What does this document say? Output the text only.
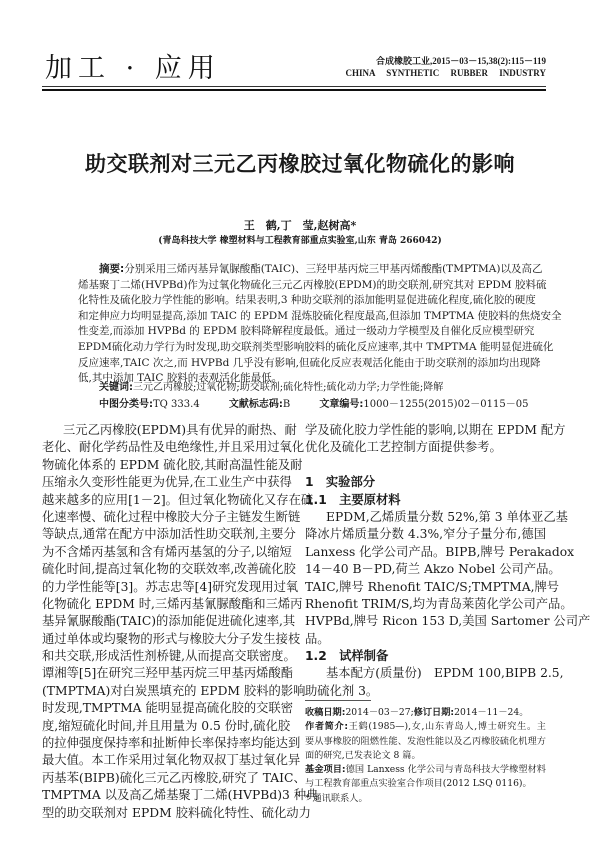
加工 · 应用	合成橡胶工业,2015－03－15,38(2):115－119
CHINA SYNTHETIC RUBBER INDUSTRY
助交联剂对三元乙丙橡胶过氧化物硫化的影响
王　鹤,丁　莹,赵树高*
(青岛科技大学 橡塑材料与工程教育部重点实验室,山东 青岛 266042)
摘要:分别采用三烯丙基异氰脲酸酯(TAIC)、三羟甲基丙烷三甲基丙烯酸酯(TMPTMA)以及高乙
烯基聚丁二烯(HVPBd)作为过氧化物硫化三元乙丙橡胶(EPDM)的助交联剂,研究其对 EPDM 胶料硫
化特性及硫化胶力学性能的影响。结果表明,3 种助交联剂的添加能明显促进硫化程度,硫化胶的硬度
和定伸应力均明显提高,添加 TAIC 的 EPDM 混炼胶硫化程度最高,但添加 TMPTMA 使胶料的焦烧安全
性变差,而添加 HVPBd 的 EPDM 胶料降解程度最低。通过一级动力学模型及自催化反应模型研究
EPDM硫化动力学行为时发现,助交联剂类型影响胶料的硫化反应速率,其中 TMPTMA 能明显促进硫化
反应速率,TAIC 次之,而 HVPBd 几乎没有影响,但硫化反应表观活化能由于助交联剂的添加均出现降
低,其中添加 TAIC 胶料的表观活化能最低。
关键词:三元乙丙橡胶;过氧化物;助交联剂;硫化特性;硫化动力学;力学性能;降解
中图分类号:TQ 333.4	文献标志码:B	文章编号:1000－1255(2015)02－0115－05
三元乙丙橡胶(EPDM)具有优异的耐热、耐
老化、耐化学药品性及电绝缘性,并且采用过氧化
物硫化体系的 EPDM 硫化胶,其耐高温性能及耐
压缩永久变形性能更为优异,在工业生产中获得
越来越多的应用[1－2]。但过氧化物硫化又存在硫
化速率慢、硫化过程中橡胶大分子主链发生断链
等缺点,通常在配方中添加活性助交联剂,主要分
为不含烯丙基氢和含有烯丙基氢的分子,以缩短
硫化时间,提高过氧化物的交联效率,改善硫化胶
的力学性能等[3]。苏志忠等[4]研究发现用过氧
化物硫化 EPDM 时,三烯丙基氰脲酸酯和三烯丙
基异氰脲酸酯(TAIC)的添加能促进硫化速率,其
通过单体或均聚物的形式与橡胶大分子发生接枝
和共交联,形成活性剂桥键,从而提高交联密度。
谭湘等[5]在研究三羟甲基丙烷三甲基丙烯酸酯
(TMPTMA)对白炭黑填充的 EPDM 胶料的影响
时发现,TMPTMA 能明显提高硫化胶的交联密
度,缩短硫化时间,并且用量为 0.5 份时,硫化胶
的拉伸强度保持率和扯断伸长率保持率均能达到
最大值。本工作采用过氧化物双叔丁基过氧化异
丙基苯(BIPB)硫化三元乙丙橡胶,研究了 TAIC、
TMPTMA 以及高乙烯基聚丁二烯(HVPBd)3 种典
型的助交联剂对 EPDM 胶料硫化特性、硫化动力
学及硫化胶力学性能的影响,以期在 EPDM 配方
优化及硫化工艺控制方面提供参考。
1　实验部分
1.1　主要原材料
EPDM,乙烯质量分数 52%,第 3 单体亚乙基
降冰片烯质量分数 4.3%,窄分子量分布,德国
Lanxess 化学公司产品。BIPB,牌号 Perakadox
14－40 B－PD,荷兰 Akzo Nobel 公司产品。
TAIC,牌号 Rhenofit TAIC/S;TMPTMA,牌号
Rhenofit TRIM/S,均为青岛莱茵化学公司产品。
HVPBd,牌号 Ricon 153 D,美国 Sartomer 公司产
品。
1.2　试样制备
基本配方(质量份)　EPDM 100,BIPB 2.5,
助硫化剂 3。
收稿日期:2014－03－27;修订日期:2014－11－24。
作者简介:王鹤(1985—),女,山东青岛人,博士研究生。主
要从事橡胶的阻燃性能、发泡性能以及乙丙橡胶硫化机理方
面的研究,已发表论文 8 篇。
基金项目:德国 Lanxess 化学公司与青岛科技大学橡塑材料
与工程教育部重点实验室合作项目(2012 LSQ 0116)。
* 通讯联系人。
